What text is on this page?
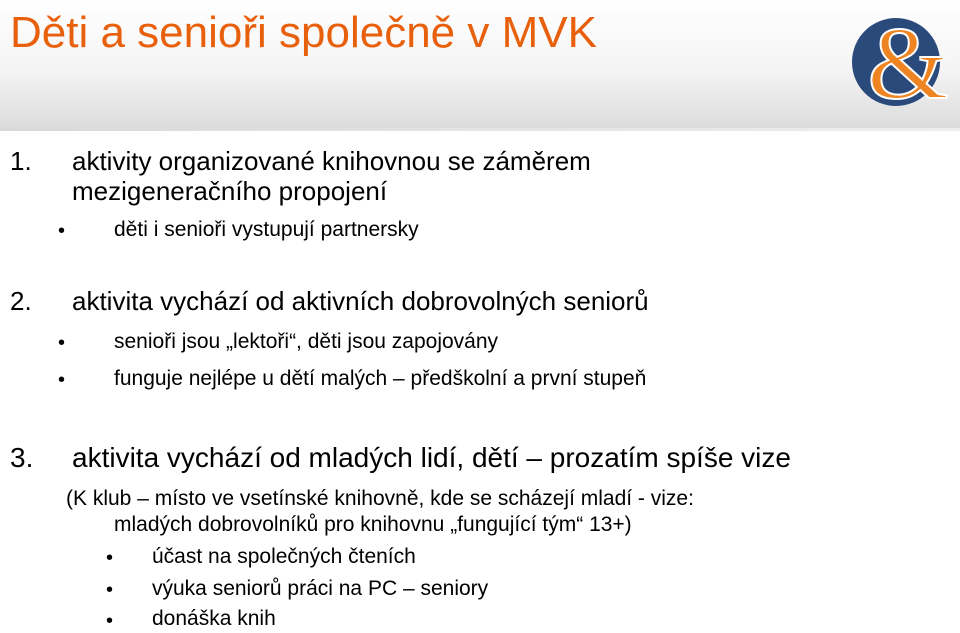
Děti a senioři společně v MVK	&
1. aktivity organizované knihovnou se záměrem
mezigeneračního propojení
• děti i senioři vystupují partnersky
2. aktivita vychází od aktivních dobrovolných seniorů
• senioři jsou „lektoři“, děti jsou zapojovány
• funguje nejlépe u dětí malých – předškolní a první stupeň
3. aktivita vychází od mladých lidí, dětí – prozatím spíše vize
(K klub – místo ve vsetínské knihovně, kde se scházejí mladí - vize:
mladých dobrovolníků pro knihovnu „fungující tým“ 13+)
• účast na společných čteních
• výuka seniorů práci na PC – seniory
• donáška knih
